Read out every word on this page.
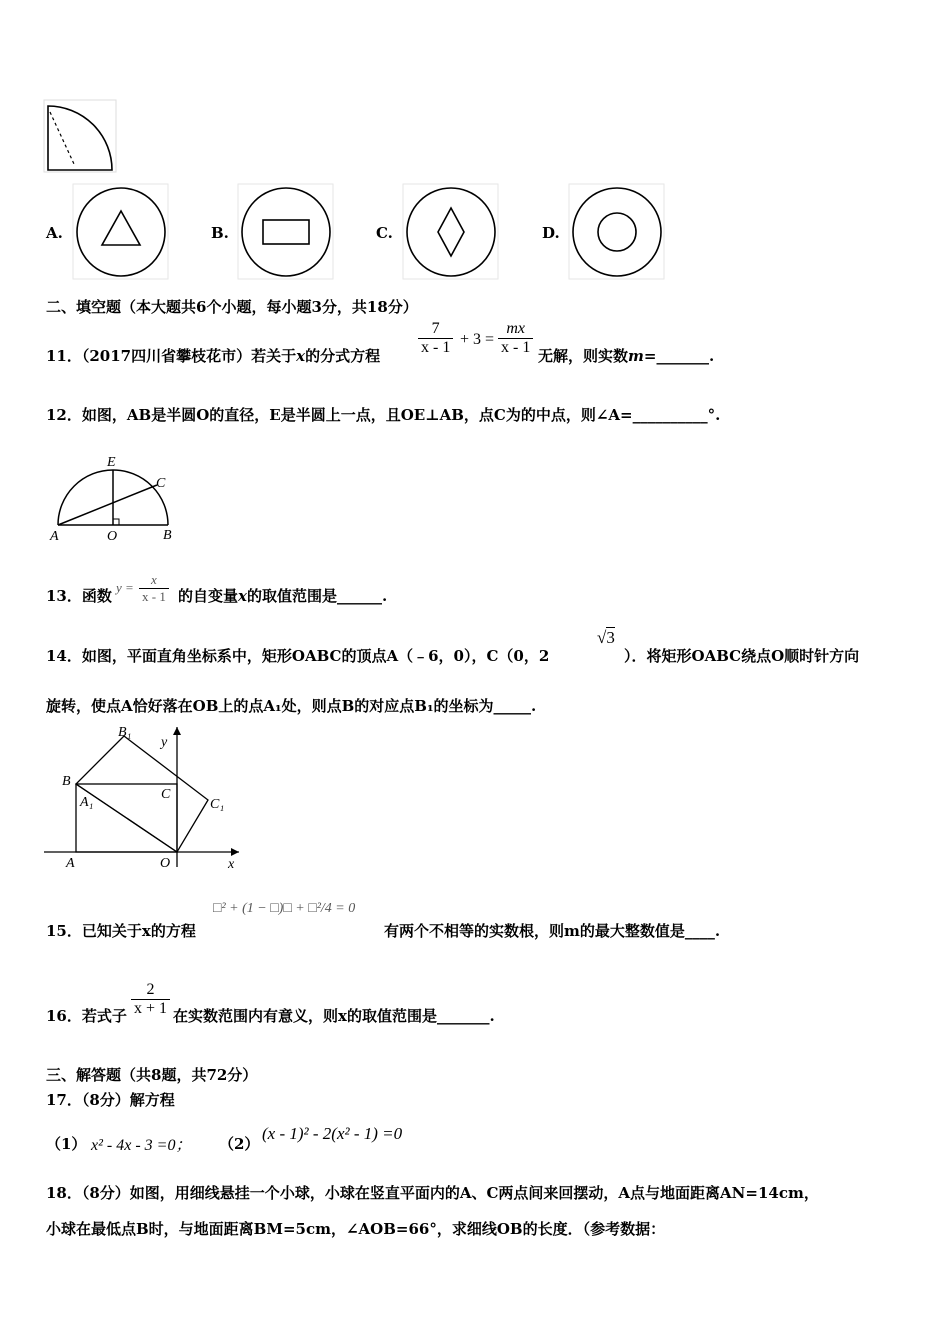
A.	B.	C.	D.
二、填空题（本大题共6个小题，每小题3分，共18分）
11．（2017四川省攀枝花市）若关于x的分式方程 $\frac{7}{x - 1} + 3 = \frac{mx}{x - 1}$ 无解，则实数m=_______.
12．如图，AB是半圆O的直径，E是半圆上一点，且OE⊥AB，点C为的中点，则∠A=__________°.
E
C
A	O	B
13．函数 $y = \frac{x}{x - 1}$ 的自变量x的取值范围是______.
14．如图，平面直角坐标系中，矩形OABC的顶点A（﹣6，0），C（0，2
√3
）．将矩形OABC绕点O顺时针方向
旋转，使点A恰好落在OB上的点A₁处，则点B的对应点B₁的坐标为_____.
B₁
y
B
A₁
C
C₁
A	O	x
15．已知关于x的方程
□² + (1 − □)□ + □²/4 = 0
有两个不相等的实数根，则m的最大整数值是____.
16．若式子 $\frac{2}{x + 1}$ 在实数范围内有意义，则x的取值范围是_______.
三、解答题（共8题，共72分）
17．（8分）解方程
（1） x² - 4x - 3 =0； （2）
(x - 1)² - 2(x² - 1) =0
18．（8分）如图，用细线悬挂一个小球，小球在竖直平面内的A、C两点间来回摆动，A点与地面距离AN=14cm，
小球在最低点B时，与地面距离BM=5cm，∠AOB=66°，求细线OB的长度．（参考数据：
